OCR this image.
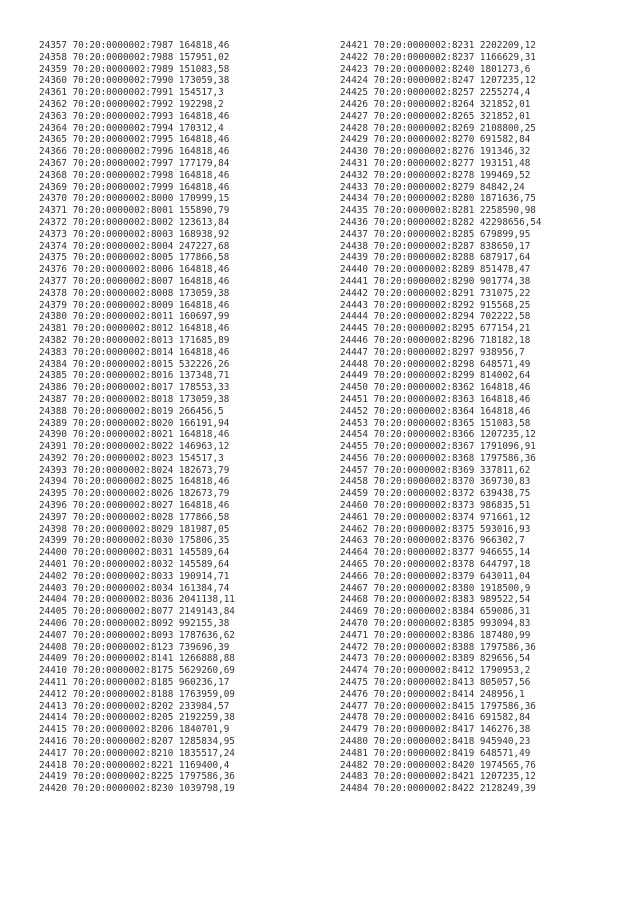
24357 70:20:0000002:7987 164818,46
24358 70:20:0000002:7988 157951,02
24359 70:20:0000002:7989 151083,58
24360 70:20:0000002:7990 173059,38
24361 70:20:0000002:7991 154517,3
24362 70:20:0000002:7992 192298,2
24363 70:20:0000002:7993 164818,46
24364 70:20:0000002:7994 170312,4
24365 70:20:0000002:7995 164818,46
24366 70:20:0000002:7996 164818,46
24367 70:20:0000002:7997 177179,84
24368 70:20:0000002:7998 164818,46
24369 70:20:0000002:7999 164818,46
24370 70:20:0000002:8000 170999,15
24371 70:20:0000002:8001 155890,79
24372 70:20:0000002:8002 123613,84
24373 70:20:0000002:8003 168938,92
24374 70:20:0000002:8004 247227,68
24375 70:20:0000002:8005 177866,58
24376 70:20:0000002:8006 164818,46
24377 70:20:0000002:8007 164818,46
24378 70:20:0000002:8008 173059,38
24379 70:20:0000002:8009 164818,46
24380 70:20:0000002:8011 160697,99
24381 70:20:0000002:8012 164818,46
24382 70:20:0000002:8013 171685,89
24383 70:20:0000002:8014 164818,46
24384 70:20:0000002:8015 532226,26
24385 70:20:0000002:8016 137348,71
24386 70:20:0000002:8017 178553,33
24387 70:20:0000002:8018 173059,38
24388 70:20:0000002:8019 266456,5
24389 70:20:0000002:8020 166191,94
24390 70:20:0000002:8021 164818,46
24391 70:20:0000002:8022 146963,12
24392 70:20:0000002:8023 154517,3
24393 70:20:0000002:8024 182673,79
24394 70:20:0000002:8025 164818,46
24395 70:20:0000002:8026 182673,79
24396 70:20:0000002:8027 164818,46
24397 70:20:0000002:8028 177866,58
24398 70:20:0000002:8029 181987,05
24399 70:20:0000002:8030 175806,35
24400 70:20:0000002:8031 145589,64
24401 70:20:0000002:8032 145589,64
24402 70:20:0000002:8033 190914,71
24403 70:20:0000002:8034 161384,74
24404 70:20:0000002:8036 2041138,11
24405 70:20:0000002:8077 2149143,84
24406 70:20:0000002:8092 992155,38
24407 70:20:0000002:8093 1787636,62
24408 70:20:0000002:8123 739696,39
24409 70:20:0000002:8141 1266888,88
24410 70:20:0000002:8175 5629260,69
24411 70:20:0000002:8185 960236,17
24412 70:20:0000002:8188 1763959,09
24413 70:20:0000002:8202 233984,57
24414 70:20:0000002:8205 2192259,38
24415 70:20:0000002:8206 1840701,9
24416 70:20:0000002:8207 1285834,95
24417 70:20:0000002:8210 1835517,24
24418 70:20:0000002:8221 1169400,4
24419 70:20:0000002:8225 1797586,36
24420 70:20:0000002:8230 1039798,19
24421 70:20:0000002:8231 2202209,12
24422 70:20:0000002:8237 1166629,31
24423 70:20:0000002:8240 1801273,6
24424 70:20:0000002:8247 1207235,12
24425 70:20:0000002:8257 2255274,4
24426 70:20:0000002:8264 321852,01
24427 70:20:0000002:8265 321852,01
24428 70:20:0000002:8269 2108800,25
24429 70:20:0000002:8270 691582,84
24430 70:20:0000002:8276 191346,32
24431 70:20:0000002:8277 193151,48
24432 70:20:0000002:8278 199469,52
24433 70:20:0000002:8279 84842,24
24434 70:20:0000002:8280 1871636,75
24435 70:20:0000002:8281 2258590,98
24436 70:20:0000002:8282 42298656,54
24437 70:20:0000002:8285 679899,95
24438 70:20:0000002:8287 838650,17
24439 70:20:0000002:8288 687917,64
24440 70:20:0000002:8289 851478,47
24441 70:20:0000002:8290 901774,38
24442 70:20:0000002:8291 731075,22
24443 70:20:0000002:8292 915568,25
24444 70:20:0000002:8294 702222,58
24445 70:20:0000002:8295 677154,21
24446 70:20:0000002:8296 718182,18
24447 70:20:0000002:8297 938956,7
24448 70:20:0000002:8298 648571,49
24449 70:20:0000002:8299 814002,64
24450 70:20:0000002:8362 164818,46
24451 70:20:0000002:8363 164818,46
24452 70:20:0000002:8364 164818,46
24453 70:20:0000002:8365 151083,58
24454 70:20:0000002:8366 1207235,12
24455 70:20:0000002:8367 1791096,91
24456 70:20:0000002:8368 1797586,36
24457 70:20:0000002:8369 337811,62
24458 70:20:0000002:8370 369730,83
24459 70:20:0000002:8372 639438,75
24460 70:20:0000002:8373 986835,51
24461 70:20:0000002:8374 971661,12
24462 70:20:0000002:8375 593016,93
24463 70:20:0000002:8376 966302,7
24464 70:20:0000002:8377 946655,14
24465 70:20:0000002:8378 644797,18
24466 70:20:0000002:8379 643011,04
24467 70:20:0000002:8380 1918500,9
24468 70:20:0000002:8383 989522,54
24469 70:20:0000002:8384 659086,31
24470 70:20:0000002:8385 993094,83
24471 70:20:0000002:8386 187480,99
24472 70:20:0000002:8388 1797586,36
24473 70:20:0000002:8389 829656,54
24474 70:20:0000002:8412 1790953,2
24475 70:20:0000002:8413 805057,56
24476 70:20:0000002:8414 248956,1
24477 70:20:0000002:8415 1797586,36
24478 70:20:0000002:8416 691582,84
24479 70:20:0000002:8417 146276,38
24480 70:20:0000002:8418 945940,23
24481 70:20:0000002:8419 648571,49
24482 70:20:0000002:8420 1974565,76
24483 70:20:0000002:8421 1207235,12
24484 70:20:0000002:8422 2128249,39
